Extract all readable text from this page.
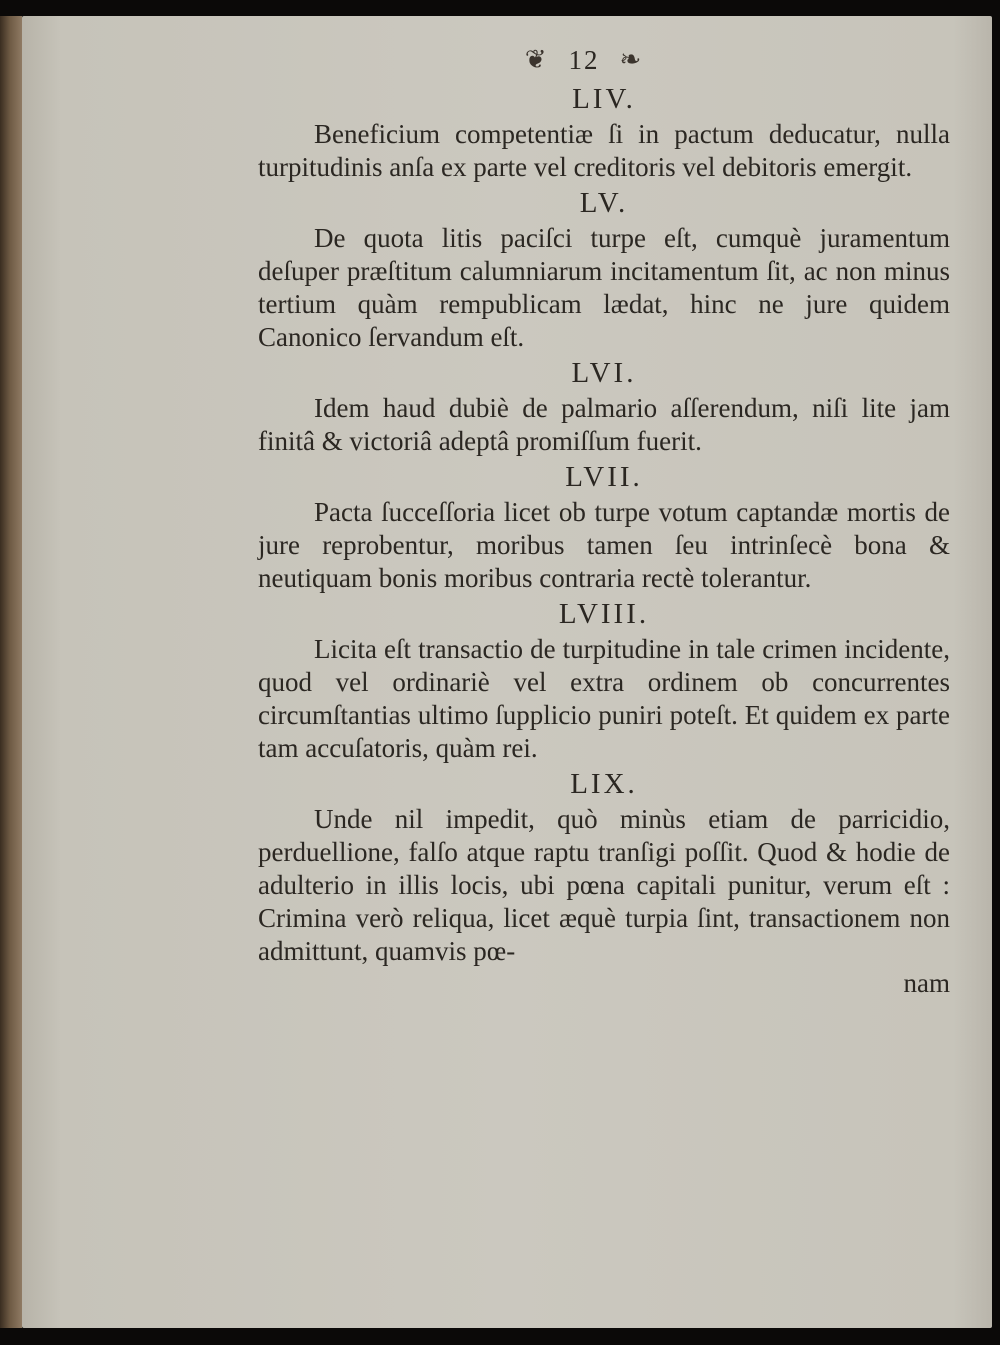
❦ 12 ❧
LIV.

Beneficium competentiæ ſi in pactum deducatur, nulla turpitudinis anſa ex parte vel creditoris vel debitoris emergit.

LV.

De quota litis paciſci turpe eſt, cumquè juramentum deſuper præſtitum calumniarum incitamentum ſit, ac non minus tertium quàm rempublicam lædat, hinc ne jure quidem Canonico ſervandum eſt.

LVI.

Idem haud dubiè de palmario aſſerendum, niſi lite jam finitâ & victoriâ adeptâ promiſſum fuerit.

LVII.

Pacta ſucceſſoria licet ob turpe votum captandæ mortis de jure reprobentur, moribus tamen ſeu intrinſecè bona & neutiquam bonis moribus contraria rectè tolerantur.

LVIII.

Licita eſt transactio de turpitudine in tale crimen incidente, quod vel ordinariè vel extra ordinem ob concurrentes circumſtantias ultimo ſupplicio puniri poteſt. Et quidem ex parte tam accuſatoris, quàm rei.

LIX.

Unde nil impedit, quò minùs etiam de parricidio, perduellione, falſo atque raptu tranſigi poſſit. Quod & hodie de adulterio in illis locis, ubi pœna capitali punitur, verum eſt : Crimina verò reliqua, licet æquè turpia ſint, transactionem non admittunt, quamvis pœ-

nam
